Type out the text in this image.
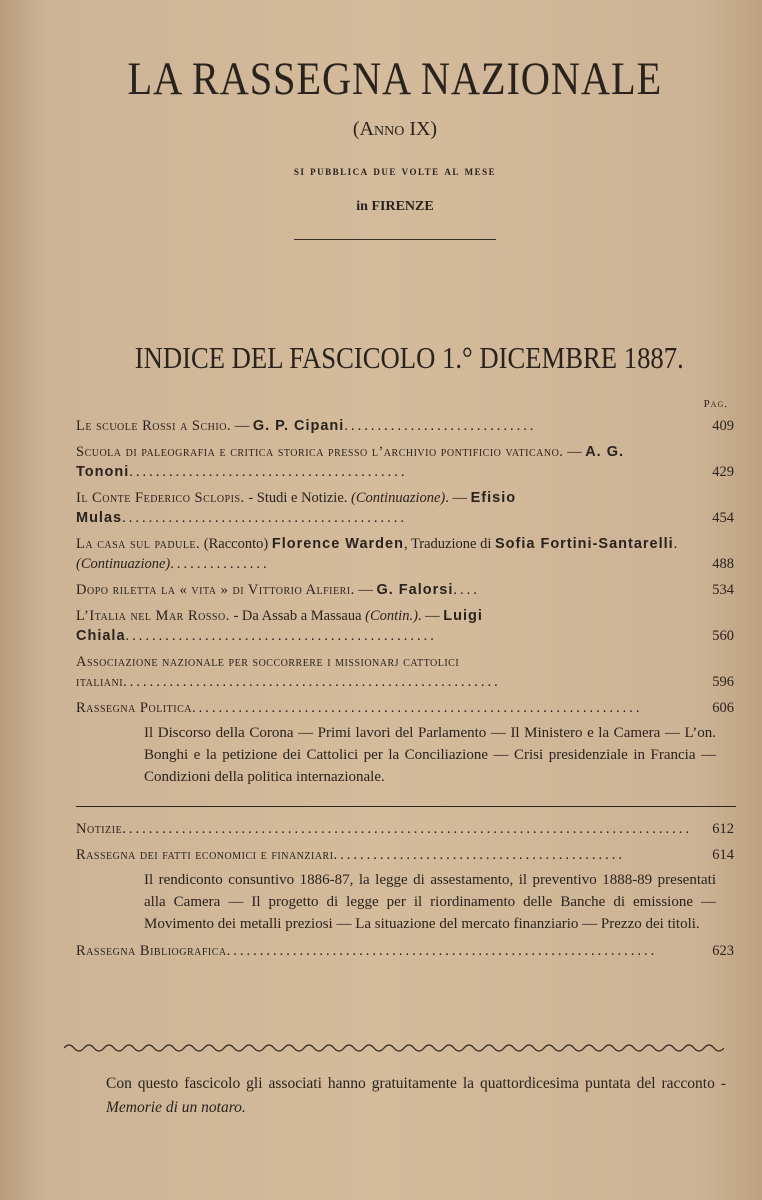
LA RASSEGNA NAZIONALE
(Anno IX)
si pubblica due volte al mese
in FIRENZE
INDICE DEL FASCICOLO 1.° DICEMBRE 1887.
Pag.
Le scuole Rossi a Schio. — G. P. Cipani.............................	409
Scuola di paleografia e critica storica presso l’archivio pontificio vaticano. — A. G. Tononi..........................................	429
Il Conte Federico Sclopis. - Studi e Notizie. (Continuazione). — Efisio Mulas...........................................	454
La casa sul padule. (Racconto) Florence Warden, Traduzione di Sofia Fortini-Santarelli. (Continuazione)...............	488
Dopo riletta la « vita » di Vittorio Alfieri. — G. Falorsi....	534
L’Italia nel Mar Rosso. - Da Assab a Massaua (Contin.). — Luigi Chiala...............................................	560
Associazione nazionale per soccorrere i missionarj cattolici italiani.........................................................	596
Rassegna Politica....................................................................	606
Il Discorso della Corona — Primi lavori del Parlamento — Il Ministero e la Camera — L’on. Bonghi e la petizione dei Cattolici per la Conciliazione — Crisi presidenziale in Francia — Condizioni della politica internazionale.
Notizie......................................................................................	612
Rassegna dei fatti economici e finanziari............................................	614
Il rendiconto consuntivo 1886-87, la legge di assestamento, il preventivo 1888-89 presentati alla Camera — Il progetto di legge per il riordinamento delle Banche di emissione — Movimento dei metalli preziosi — La situazione del mercato finanziario — Prezzo dei titoli.
Rassegna Bibliografica.................................................................	623
Con questo fascicolo gli associati hanno gratuitamente la quattordicesima puntata del racconto - Memorie di un notaro.
